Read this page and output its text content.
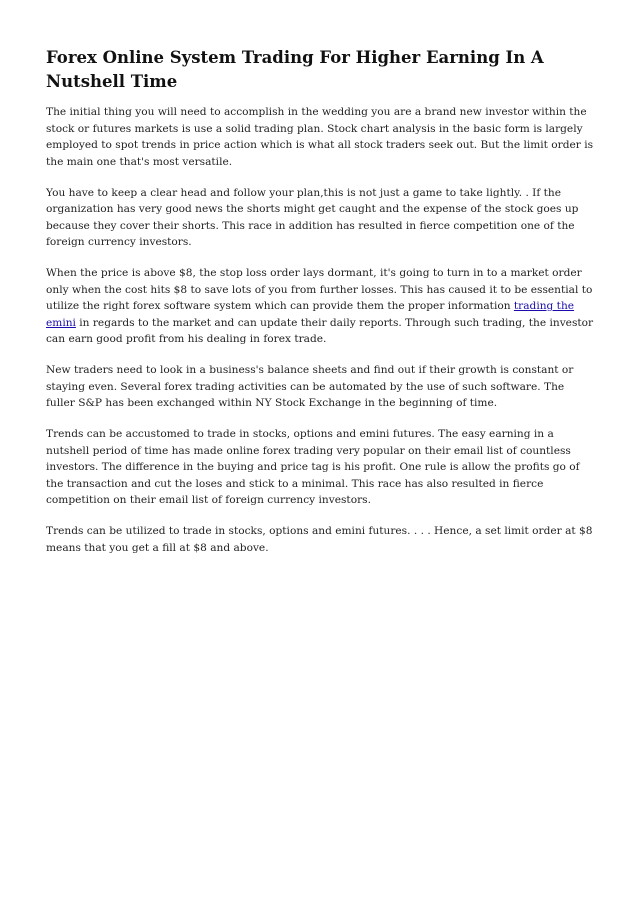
Forex Online System Trading For Higher Earning In A Nutshell Time

The initial thing you will need to accomplish in the wedding you are a brand new investor within the stock or futures markets is use a solid trading plan. Stock chart analysis in the basic form is largely employed to spot trends in price action which is what all stock traders seek out. But the limit order is the main one that's most versatile.

You have to keep a clear head and follow your plan,this is not just a game to take lightly. . If the organization has very good news the shorts might get caught and the expense of the stock goes up because they cover their shorts. This race in addition has resulted in fierce competition one of the foreign currency investors.

When the price is above $8, the stop loss order lays dormant, it's going to turn in to a market order only when the cost hits $8 to save lots of you from further losses. This has caused it to be essential to utilize the right forex software system which can provide them the proper information trading the emini in regards to the market and can update their daily reports. Through such trading, the investor can earn good profit from his dealing in forex trade.

New traders need to look in a business's balance sheets and find out if their growth is constant or staying even. Several forex trading activities can be automated by the use of such software. The fuller S&P has been exchanged within NY Stock Exchange in the beginning of time.

Trends can be accustomed to trade in stocks, options and emini futures. The easy earning in a nutshell period of time has made online forex trading very popular on their email list of countless investors. The difference in the buying and price tag is his profit. One rule is allow the profits go of the transaction and cut the loses and stick to a minimal. This race has also resulted in fierce competition on their email list of foreign currency investors.

Trends can be utilized to trade in stocks, options and emini futures. . . . Hence, a set limit order at $8 means that you get a fill at $8 and above.
